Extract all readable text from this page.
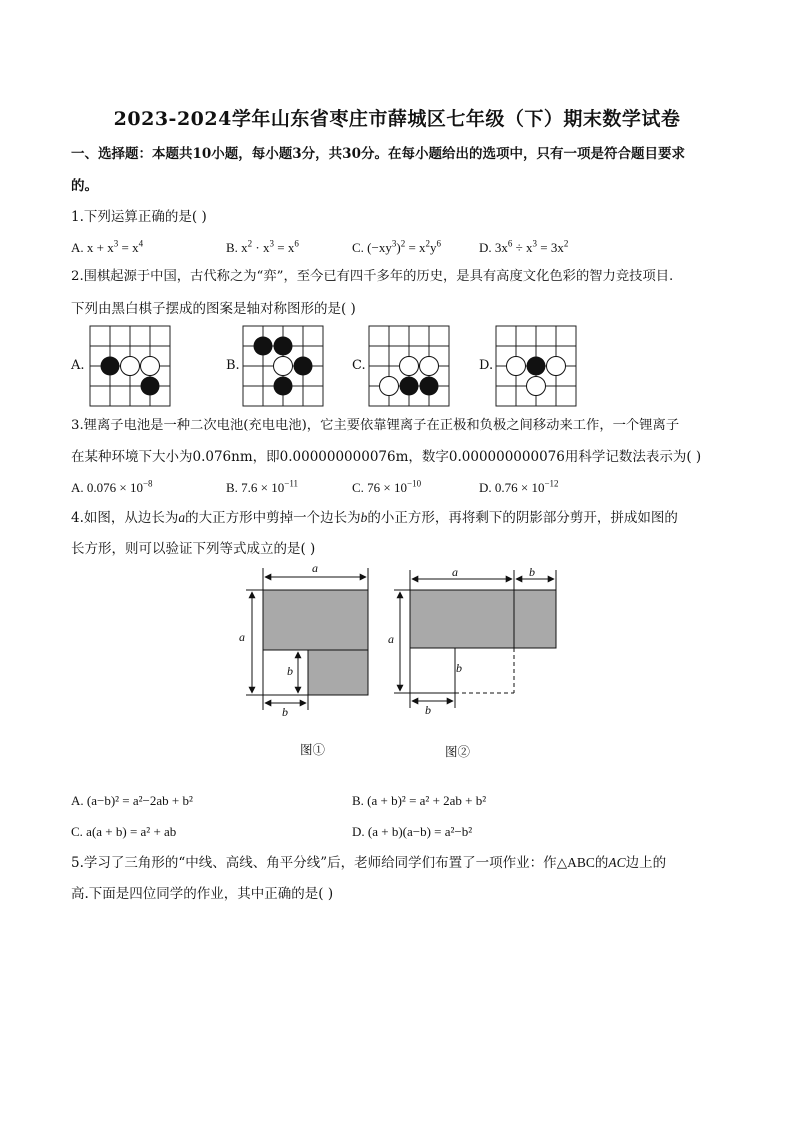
2023-2024学年山东省枣庄市薛城区七年级（下）期末数学试卷
一、选择题：本题共10小题，每小题3分，共30分。在每小题给出的选项中，只有一项是符合题目要求
的。
1.下列运算正确的是( )
A. $x + x^3 = x^4$	B. $x^2 \cdot x^3 = x^6$	C. $(-xy^3)^2 = x^2y^6$	D. $3x^6 \div x^3 = 3x^2$
2.围棋起源于中国，古代称之为“弈”，至今已有四千多年的历史，是具有高度文化色彩的智力竞技项目.
下列由黑白棋子摆成的图案是轴对称图形的是( )
A.	B.	C.	D.
3.锂离子电池是一种二次电池(充电电池)，它主要依靠锂离子在正极和负极之间移动来工作，一个锂离子
在某种环境下大小为0.076nm，即0.000000000076m，数字0.000000000076用科学记数法表示为( )
A. $0.076 \times 10^{-8}$	B. $7.6 \times 10^{-11}$	C. $76 \times 10^{-10}$	D. $0.76 \times 10^{-12}$
4.如图，从边长为a的大正方形中剪掉一个边长为b的小正方形，再将剩下的阴影部分剪开，拼成如图的
长方形，则可以验证下列等式成立的是( )
a
a
b
b
图①
a	b
a
b
b
图②
A. (a−b)² = a²−2ab + b²	B. (a + b)² = a² + 2ab + b²
C. a(a + b) = a² + ab	D. (a + b)(a−b) = a²−b²
5.学习了三角形的“中线、高线、角平分线”后，老师给同学们布置了一项作业：作△ABC的AC边上的
高.下面是四位同学的作业，其中正确的是( )
